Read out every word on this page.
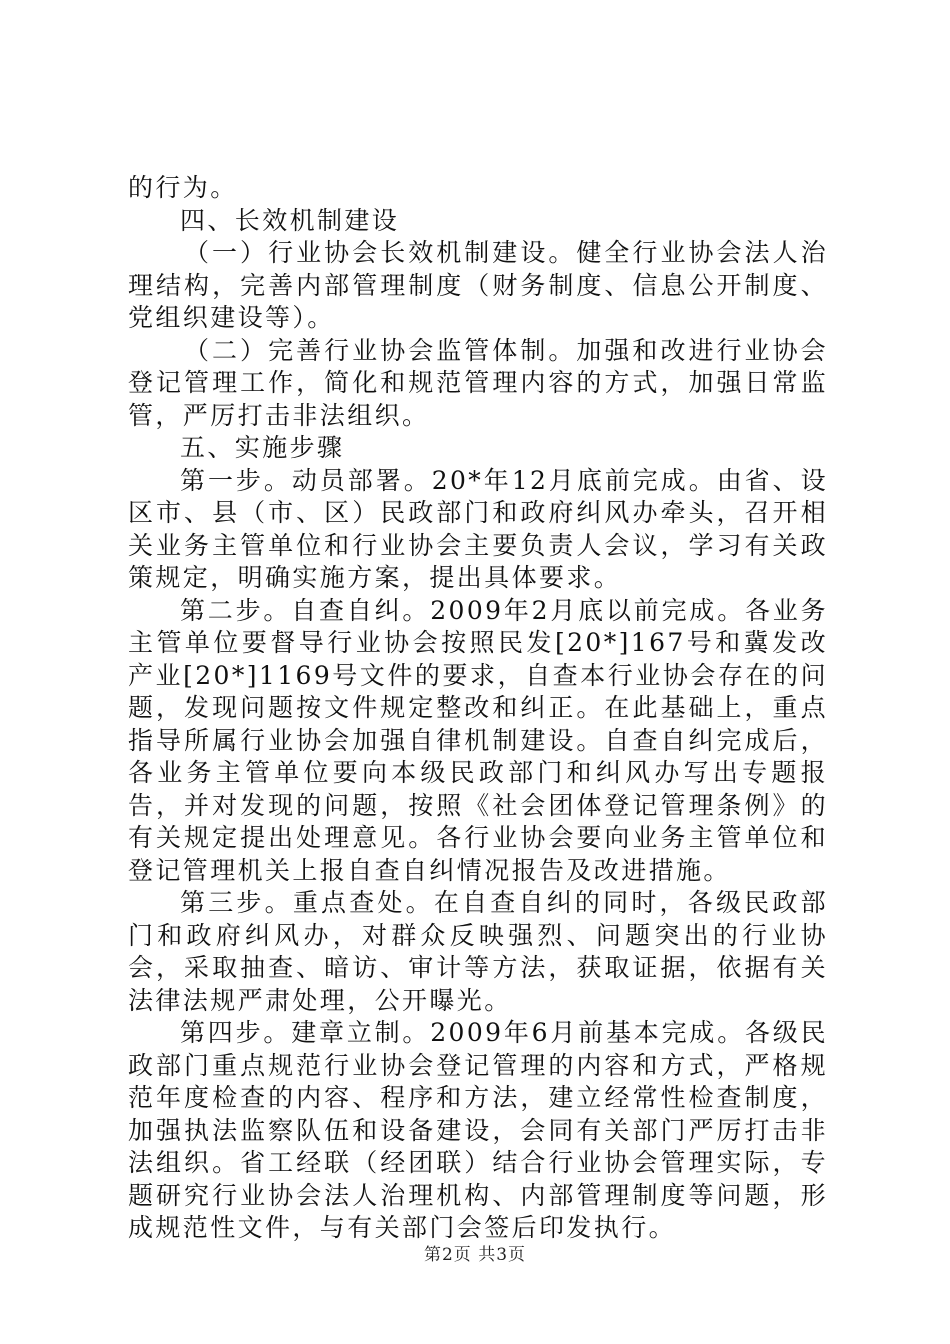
的行为。

四、长效机制建设

（一）行业协会长效机制建设。健全行业协会法人治理结构，完善内部管理制度（财务制度、信息公开制度、党组织建设等）。

（二）完善行业协会监管体制。加强和改进行业协会登记管理工作，简化和规范管理内容的方式，加强日常监管，严厉打击非法组织。

五、实施步骤

第一步。动员部署。20*年12月底前完成。由省、设区市、县（市、区）民政部门和政府纠风办牵头，召开相关业务主管单位和行业协会主要负责人会议，学习有关政策规定，明确实施方案，提出具体要求。

第二步。自查自纠。2009年2月底以前完成。各业务主管单位要督导行业协会按照民发[20*]167号和冀发改产业[20*]1169号文件的要求，自查本行业协会存在的问题，发现问题按文件规定整改和纠正。在此基础上，重点指导所属行业协会加强自律机制建设。自查自纠完成后，各业务主管单位要向本级民政部门和纠风办写出专题报告，并对发现的问题，按照《社会团体登记管理条例》的有关规定提出处理意见。各行业协会要向业务主管单位和登记管理机关上报自查自纠情况报告及改进措施。

第三步。重点查处。在自查自纠的同时，各级民政部门和政府纠风办，对群众反映强烈、问题突出的行业协会，采取抽查、暗访、审计等方法，获取证据，依据有关法律法规严肃处理，公开曝光。

第四步。建章立制。2009年6月前基本完成。各级民政部门重点规范行业协会登记管理的内容和方式，严格规范年度检查的内容、程序和方法，建立经常性检查制度，加强执法监察队伍和设备建设，会同有关部门严厉打击非法组织。省工经联（经团联）结合行业协会管理实际，专题研究行业协会法人治理机构、内部管理制度等问题，形成规范性文件，与有关部门会签后印发执行。

第2页 共3页
